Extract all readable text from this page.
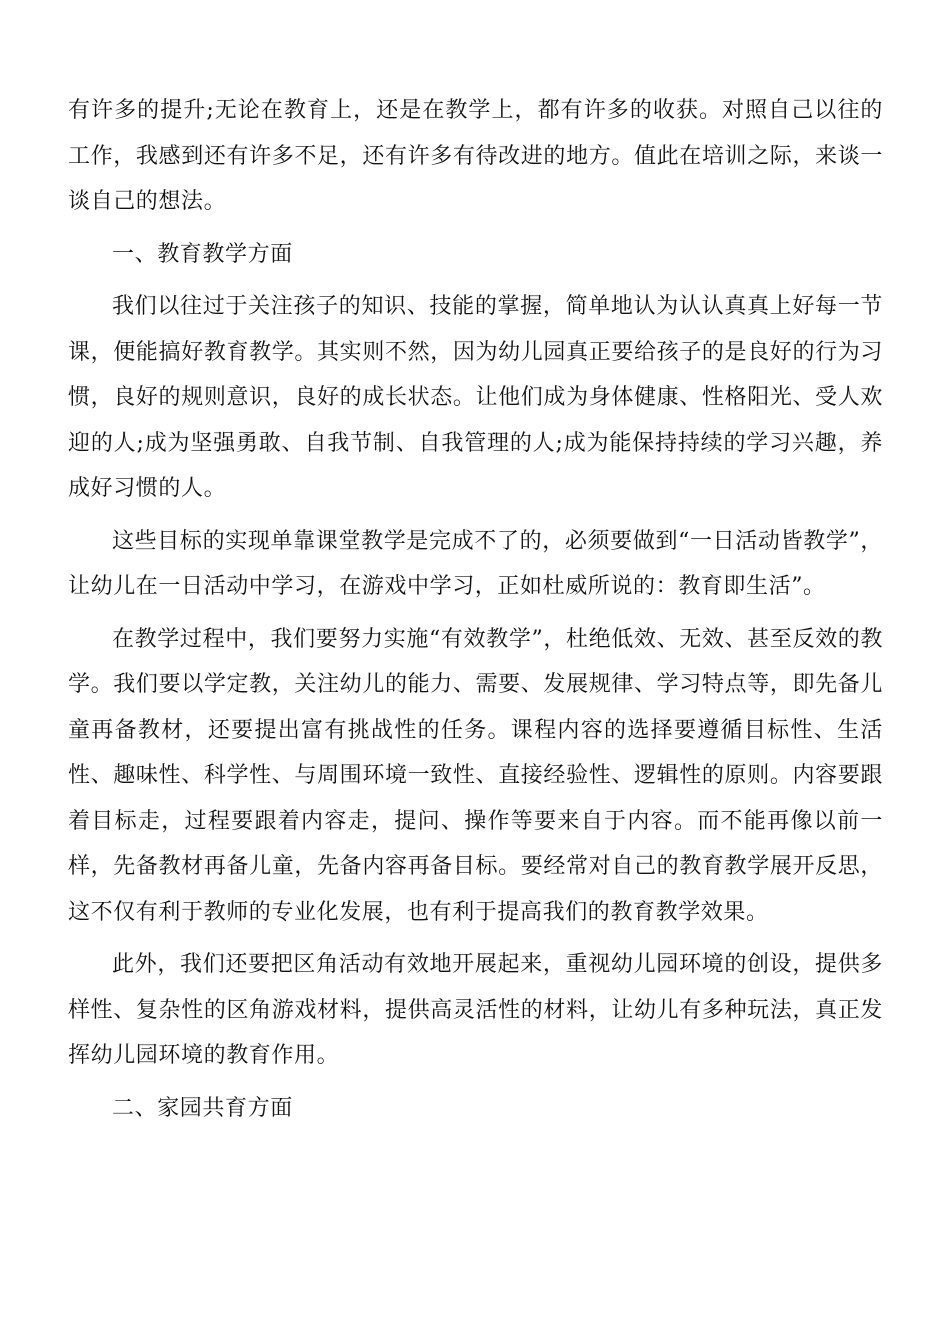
有许多的提升;无论在教育上，还是在教学上，都有许多的收获。对照自己以往的工作，我感到还有许多不足，还有许多有待改进的地方。值此在培训之际，来谈一谈自己的想法。

一、教育教学方面

我们以往过于关注孩子的知识、技能的掌握，简单地认为认认真真上好每一节课，便能搞好教育教学。其实则不然，因为幼儿园真正要给孩子的是良好的行为习惯，良好的规则意识，良好的成长状态。让他们成为身体健康、性格阳光、受人欢迎的人;成为坚强勇敢、自我节制、自我管理的人;成为能保持持续的学习兴趣，养成好习惯的人。

这些目标的实现单靠课堂教学是完成不了的，必须要做到“一日活动皆教学”，让幼儿在一日活动中学习，在游戏中学习，正如杜威所说的：教育即生活”。

在教学过程中，我们要努力实施“有效教学”，杜绝低效、无效、甚至反效的教学。我们要以学定教，关注幼儿的能力、需要、发展规律、学习特点等，即先备儿童再备教材，还要提出富有挑战性的任务。课程内容的选择要遵循目标性、生活性、趣味性、科学性、与周围环境一致性、直接经验性、逻辑性的原则。内容要跟着目标走，过程要跟着内容走，提问、操作等要来自于内容。而不能再像以前一样，先备教材再备儿童，先备内容再备目标。要经常对自己的教育教学展开反思，这不仅有利于教师的专业化发展，也有利于提高我们的教育教学效果。

此外，我们还要把区角活动有效地开展起来，重视幼儿园环境的创设，提供多样性、复杂性的区角游戏材料，提供高灵活性的材料，让幼儿有多种玩法，真正发挥幼儿园环境的教育作用。

二、家园共育方面
